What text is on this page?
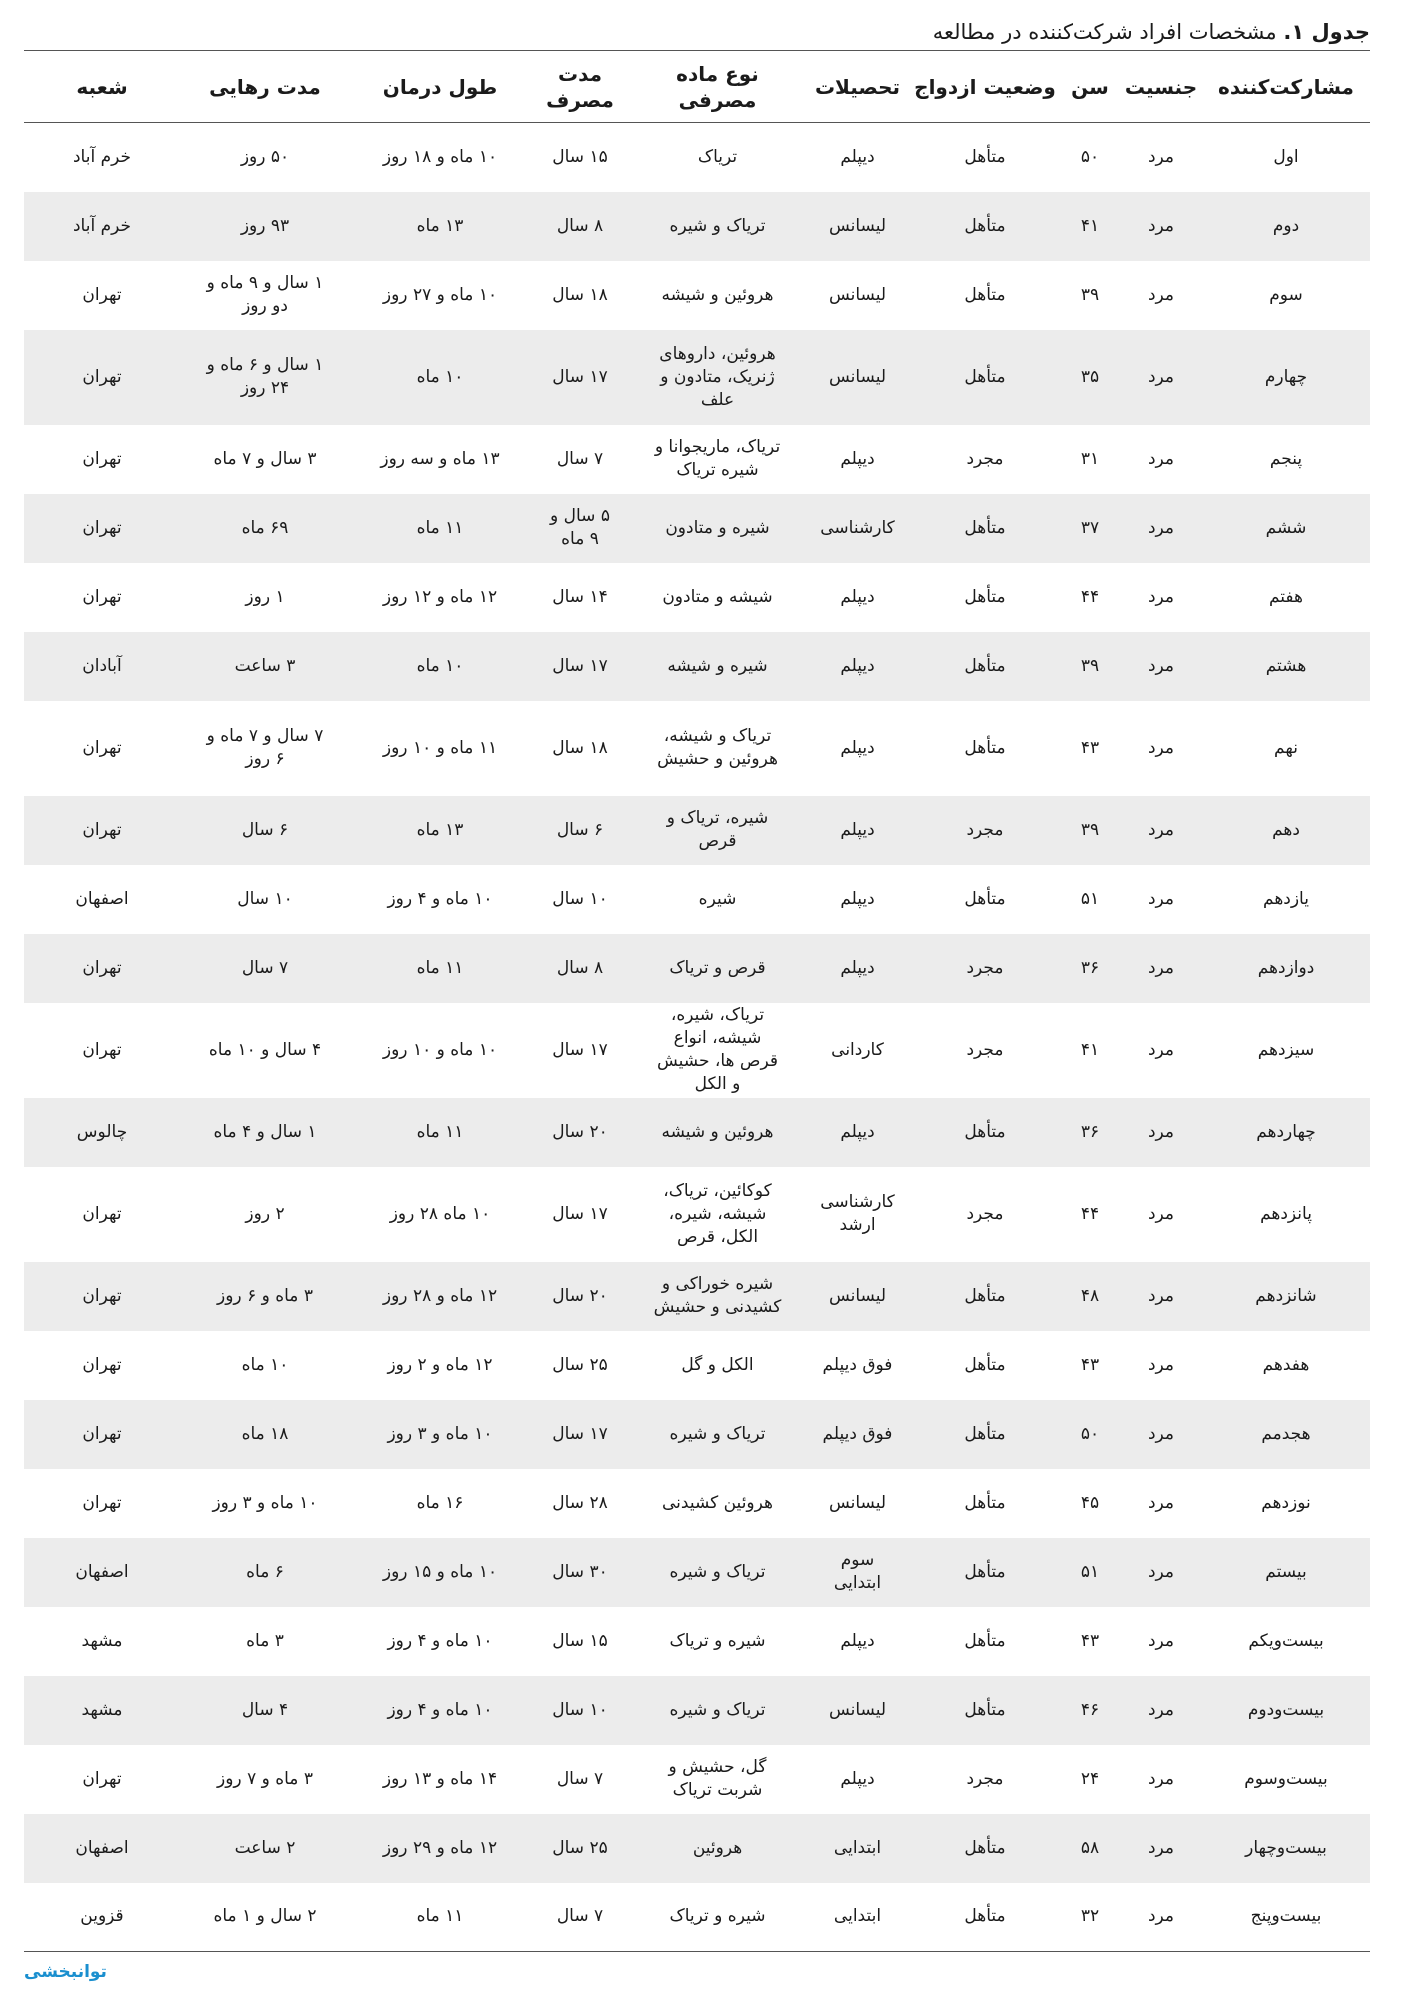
جدول ۱. مشخصات افراد شرکت‌کننده در مطالعه
مشارکت‌کننده	جنسیت	سن	وضعیت ازدواج	تحصیلات	نوع ماده مصرفی	مدت مصرف	طول درمان	مدت رهایی	شعبه
اول	مرد	۵۰	متأهل	دیپلم	تریاک	۱۵ سال	۱۰ ماه و ۱۸ روز	۵۰ روز	خرم آباد
دوم	مرد	۴۱	متأهل	لیسانس	تریاک و شیره	۸ سال	۱۳ ماه	۹۳ روز	خرم آباد
سوم	مرد	۳۹	متأهل	لیسانس	هروئین و شیشه	۱۸ سال	۱۰ ماه و ۲۷ روز	۱ سال و ۹ ماه و دو روز	تهران
چهارم	مرد	۳۵	متأهل	لیسانس	هروئین، داروهای ژنریک، متادون و علف	۱۷ سال	۱۰ ماه	۱ سال و ۶ ماه و ۲۴ روز	تهران
پنجم	مرد	۳۱	مجرد	دیپلم	تریاک، ماریجوانا و شیره تریاک	۷ سال	۱۳ ماه و سه روز	۳ سال و ۷ ماه	تهران
ششم	مرد	۳۷	متأهل	کارشناسی	شیره و متادون	۵ سال و ۹ ماه	۱۱ ماه	۶۹ ماه	تهران
هفتم	مرد	۴۴	متأهل	دیپلم	شیشه و متادون	۱۴ سال	۱۲ ماه و ۱۲ روز	۱ روز	تهران
هشتم	مرد	۳۹	متأهل	دیپلم	شیره و شیشه	۱۷ سال	۱۰ ماه	۳ ساعت	آبادان
نهم	مرد	۴۳	متأهل	دیپلم	تریاک و شیشه، هروئین و حشیش	۱۸ سال	۱۱ ماه و ۱۰ روز	۷ سال و ۷ ماه و ۶ روز	تهران
دهم	مرد	۳۹	مجرد	دیپلم	شیره، تریاک و قرص	۶ سال	۱۳ ماه	۶ سال	تهران
یازدهم	مرد	۵۱	متأهل	دیپلم	شیره	۱۰ سال	۱۰ ماه و ۴ روز	۱۰ سال	اصفهان
دوازدهم	مرد	۳۶	مجرد	دیپلم	قرص و تریاک	۸ سال	۱۱ ماه	۷ سال	تهران
سیزدهم	مرد	۴۱	مجرد	کاردانی	تریاک، شیره، شیشه، انواع قرص ها، حشیش و الکل	۱۷ سال	۱۰ ماه و ۱۰ روز	۴ سال و ۱۰ ماه	تهران
چهاردهم	مرد	۳۶	متأهل	دیپلم	هروئین و شیشه	۲۰ سال	۱۱ ماه	۱ سال و ۴ ماه	چالوس
پانزدهم	مرد	۴۴	مجرد	کارشناسی ارشد	کوکائین، تریاک، شیشه، شیره، الکل، قرص	۱۷ سال	۱۰ ماه ۲۸ روز	۲ روز	تهران
شانزدهم	مرد	۴۸	متأهل	لیسانس	شیره خوراکی و کشیدنی و حشیش	۲۰ سال	۱۲ ماه و ۲۸ روز	۳ ماه و ۶ روز	تهران
هفدهم	مرد	۴۳	متأهل	فوق دیپلم	الکل و گل	۲۵ سال	۱۲ ماه و ۲ روز	۱۰ ماه	تهران
هجدمم	مرد	۵۰	متأهل	فوق دیپلم	تریاک و شیره	۱۷ سال	۱۰ ماه و ۳ روز	۱۸ ماه	تهران
نوزدهم	مرد	۴۵	متأهل	لیسانس	هروئین کشیدنی	۲۸ سال	۱۶ ماه	۱۰ ماه و ۳ روز	تهران
بیستم	مرد	۵۱	متأهل	سوم ابتدایی	تریاک و شیره	۳۰ سال	۱۰ ماه و ۱۵ روز	۶ ماه	اصفهان
بیست‌ویکم	مرد	۴۳	متأهل	دیپلم	شیره و تریاک	۱۵ سال	۱۰ ماه و ۴ روز	۳ ماه	مشهد
بیست‌ودوم	مرد	۴۶	متأهل	لیسانس	تریاک و شیره	۱۰ سال	۱۰ ماه و ۴ روز	۴ سال	مشهد
بیست‌وسوم	مرد	۲۴	مجرد	دیپلم	گل، حشیش و شربت تریاک	۷ سال	۱۴ ماه و ۱۳ روز	۳ ماه و ۷ روز	تهران
بیست‌وچهار	مرد	۵۸	متأهل	ابتدایی	هروئین	۲۵ سال	۱۲ ماه و ۲۹ روز	۲ ساعت	اصفهان
بیست‌وپنج	مرد	۳۲	متأهل	ابتدایی	شیره و تریاک	۷ سال	۱۱ ماه	۲ سال و ۱ ماه	قزوین
توانبخشی
